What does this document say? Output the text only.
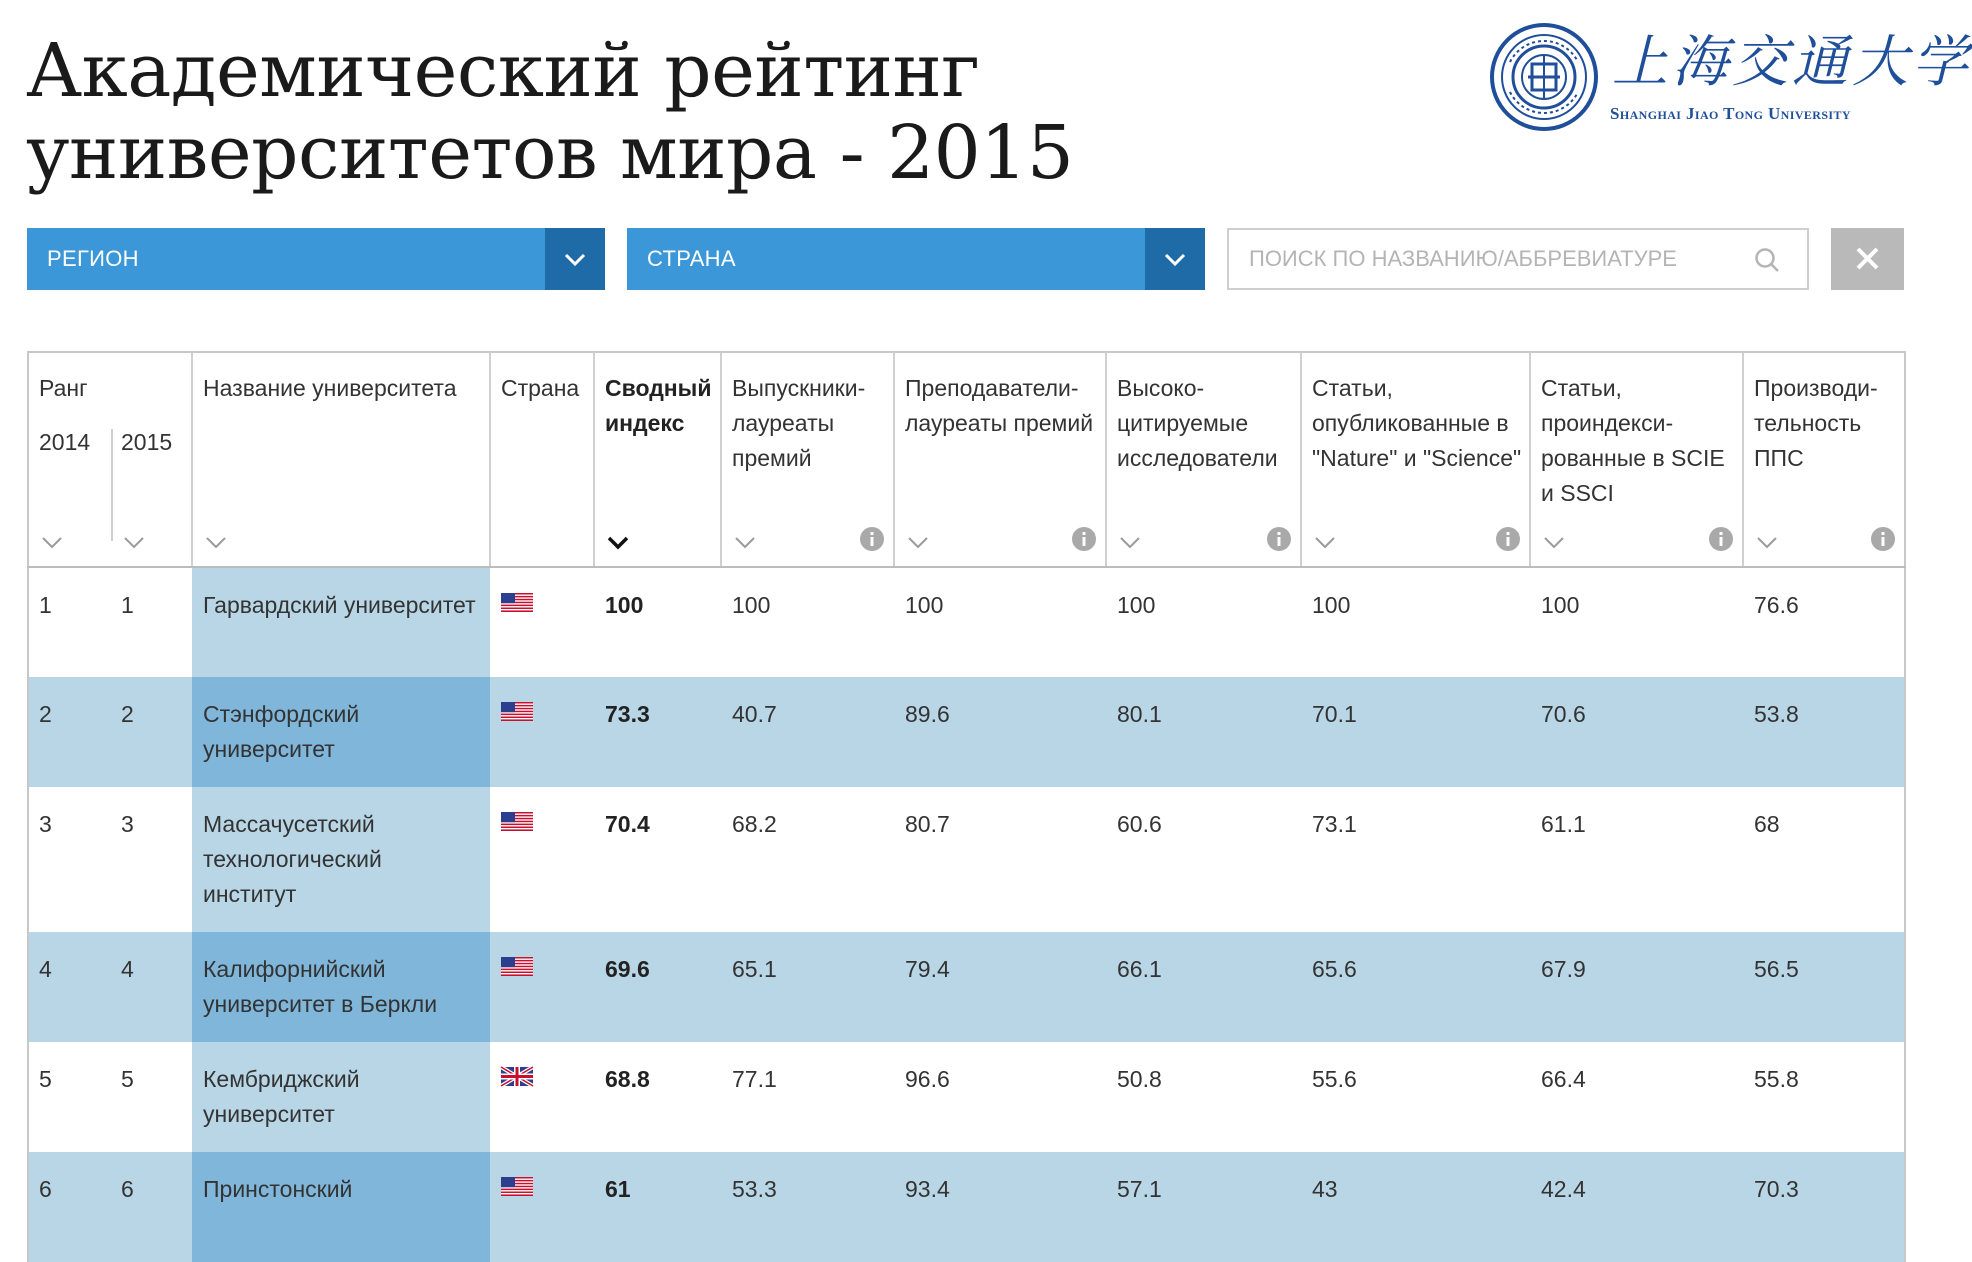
Академический рейтинг
университетов мира - 2015
上海交通大学
Shanghai Jiao Tong University
РЕГИОН	СТРАНА
ПОИСК ПО НАЗВАНИЮ/АББРЕВИАТУРЕ
Ранг
2014 2015	Название университета	Страна	Сводный индекс	Выпускники-лауреаты премий	Преподаватели-лауреаты премий	Высоко-цитируемые исследователи	Статьи, опубликованные в "Nature" и "Science"	Статьи, проиндекси-рованные в SCIE и SSCI	Производи-тельность ППС

1 1	Гарвардский университет		100	100	100	100	100	100	76.6

2 2	Стэнфордский университет		73.3	40.7	89.6	80.1	70.1	70.6	53.8

3 3	Массачусетский технологический институт		70.4	68.2	80.7	60.6	73.1	61.1	68

4 4	Калифорнийский университет в Беркли		69.6	65.1	79.4	66.1	65.6	67.9	56.5

5 5	Кембриджский университет		68.8	77.1	96.6	50.8	55.6	66.4	55.8

6 6	Принстонский		61	53.3	93.4	57.1	43	42.4	70.3
